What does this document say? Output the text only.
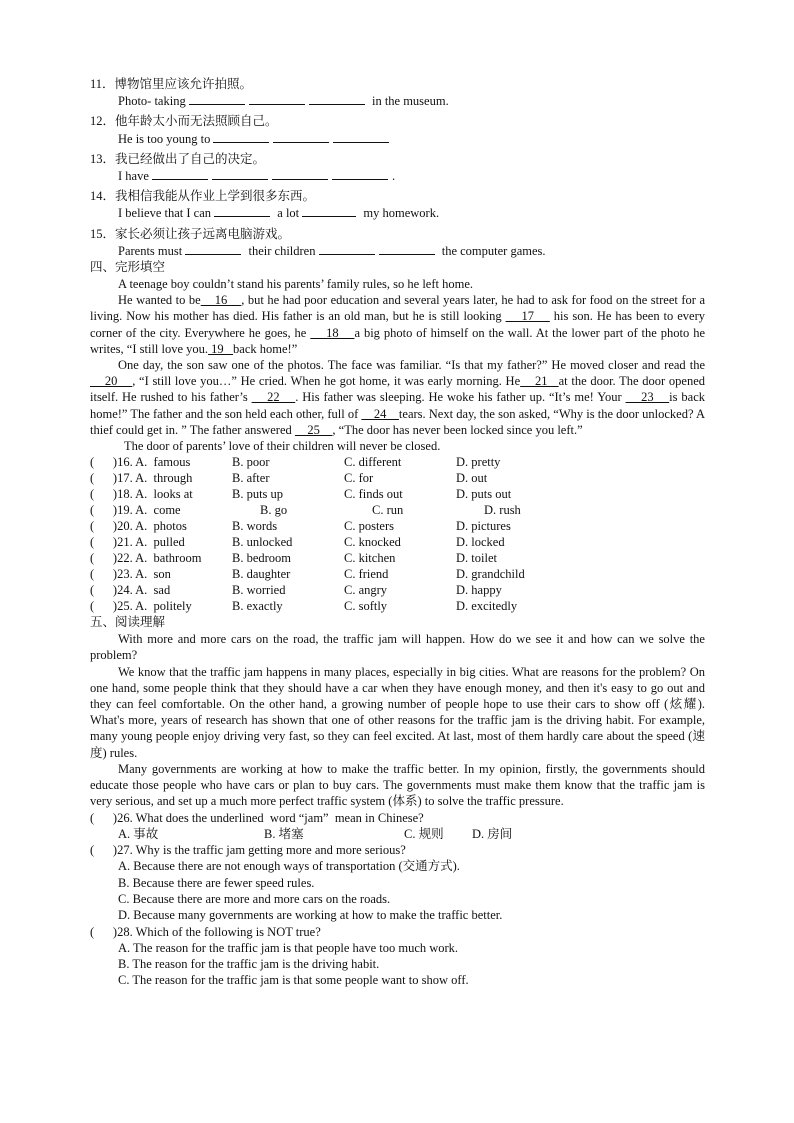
11．博物馆里应该允许拍照。
Photo- taking	in the museum.
12．他年龄太小而无法照顾自己。
He is too young to
13．我已经做出了自己的决定。
I have	.
14．我相信我能从作业上学到很多东西。
I believe that I can	a lot	my homework.
15．家长必须让孩子远离电脑游戏。
Parents must	their children	the computer games.
四、完形填空
A teenage boy couldn’t stand his parents’ family rules, so he left home.
He wanted to be    16    , but he had poor education and several years later, he had to ask for food on the street for a living. Now his mother has died. His father is an old man, but he is still looking     17     his son. He has been to every corner of the city. Everywhere he goes, he     18    a big photo of himself on the wall. At the lower part of the photo he writes, “I still love you. 19   back home!”
One day, the son saw one of the photos. The face was familiar. “Is that my father?” He moved closer and read the     20    , “I still love you…” He cried. When he got home, it was early morning. He    21   at the door. The door opened itself. He rushed to his father’s     22    . His father was sleeping. He woke his father up. “It’s me! Your     23    is back home!” The father and the son held each other, full of     24    tears. Next day, the son asked, “Why is the door unlocked? A thief could get in. ” The father answered     25    , “The door has never been locked since you left.”
The door of parents’ love of their children will never be closed.
(      )16. A.  famous	B. poor	C. different	D. pretty
(      )17. A.  through	B. after	C. for	D. out
(      )18. A.  looks at	B. puts up	C. finds out	D. puts out
(      )19. A.  come	B. go	C. run	D. rush
(      )20. A.  photos	B. words	C. posters	D. pictures
(      )21. A.  pulled	B. unlocked	C. knocked	D. locked
(      )22. A.  bathroom	B. bedroom	C. kitchen	D. toilet
(      )23. A.  son	B. daughter	C. friend	D. grandchild
(      )24. A.  sad	B. worried	C. angry	D. happy
(      )25. A.  politely	B. exactly	C. softly	D. excitedly
五、阅读理解
With more and more cars on the road, the traffic jam will happen. How do we see it and how can we solve the problem?
We know that the traffic jam happens in many places, especially in big cities. What are reasons for the problem? On one hand, some people think that they should have a car when they have enough money, and then it's easy to go out and they can feel comfortable. On the other hand, a growing number of people hope to use their cars to show off (炫耀). What's more, years of research has shown that one of other reasons for the traffic jam is the driving habit. For example, many young people enjoy driving very fast, so they can feel excited. At last, most of them hardly care about the speed (速度) rules.
Many governments are working at how to make the traffic better. In my opinion, firstly, the governments should educate those people who have cars or plan to buy cars. The governments must make them know that the traffic jam is very serious, and set up a much more perfect traffic system (体系) to solve the traffic pressure.
(      )26. What does the underlined  word “jam”  mean in Chinese?
A. 事故	B. 堵塞	C. 规则	D. 房间
(      )27. Why is the traffic jam getting more and more serious?
A. Because there are not enough ways of transportation (交通方式).
B. Because there are fewer speed rules.
C. Because there are more and more cars on the roads.
D. Because many governments are working at how to make the traffic better.
(      )28. Which of the following is NOT true?
A. The reason for the traffic jam is that people have too much work.
B. The reason for the traffic jam is the driving habit.
C. The reason for the traffic jam is that some people want to show off.
